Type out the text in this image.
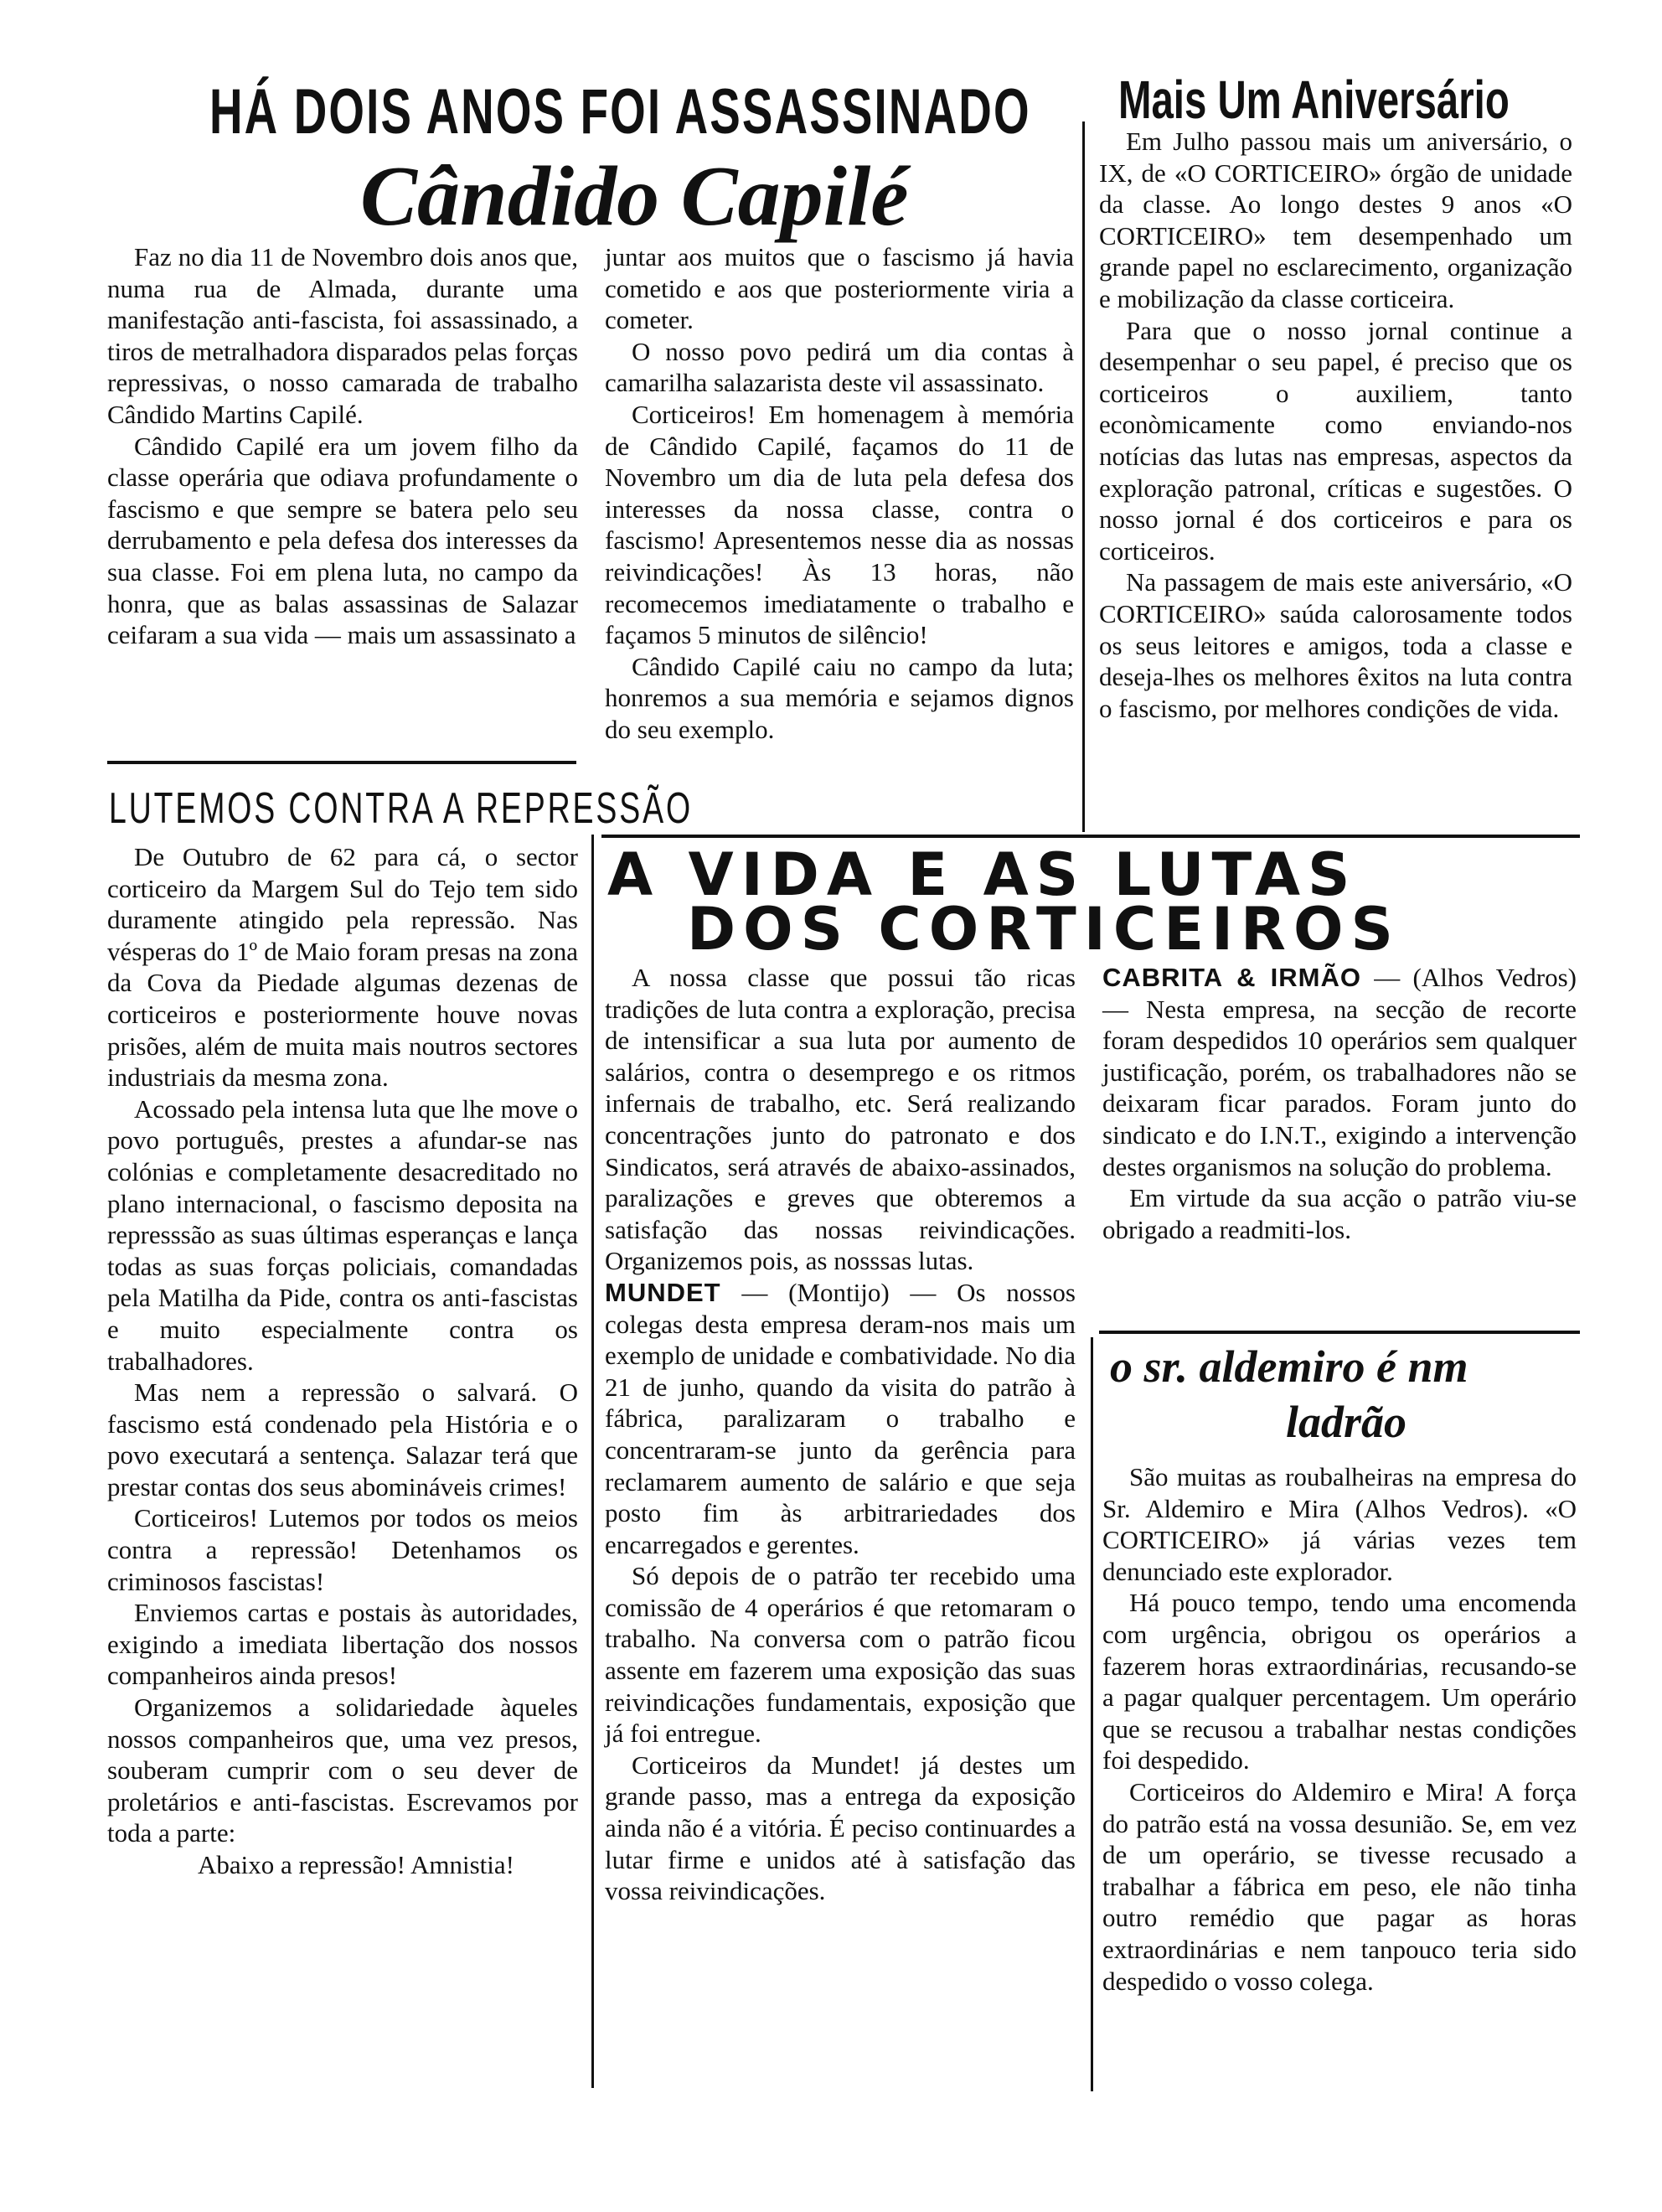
HÁ DOIS ANOS FOI ASSASSINADO
Cândido Capilé
Mais Um Aniversário

Faz no dia 11 de Novembro dois anos que, numa rua de Almada, durante uma manifestação anti-fascista, foi assassinado, a tiros de metralhadora disparados pelas forças repressivas, o nosso camarada de trabalho Cândido Martins Capilé.

Cândido Capilé era um jovem filho da classe operária que odiava profundamente o fascismo e que sempre se batera pelo seu derrubamento e pela defesa dos interesses da sua classe. Foi em plena luta, no campo da honra, que as balas assassinas de Salazar ceifaram a sua vida — mais um assassinato a

juntar aos muitos que o fascismo já havia cometido e aos que posteriormente viria a cometer.

O nosso povo pedirá um dia contas à camarilha salazarista deste vil assassinato.

Corticeiros! Em homenagem à memória de Cândido Capilé, façamos do 11 de Novembro um dia de luta pela defesa dos interesses da nossa classe, contra o fascismo! Apresentemos nesse dia as nossas reivindicações! Às 13 horas, não recomecemos imediatamente o trabalho e façamos 5 minutos de silêncio!

Cândido Capilé caiu no campo da luta; honremos a sua memória e sejamos dignos do seu exemplo.

Em Julho passou mais um aniversário, o IX, de «O CORTICEIRO» órgão de unidade da classe. Ao longo destes 9 anos «O CORTICEIRO» tem desempenhado um grande papel no esclarecimento, organização e mobilização da classe corticeira.

Para que o nosso jornal continue a desempenhar o seu papel, é preciso que os corticeiros o auxiliem, tanto econòmicamente como enviando-nos notícias das lutas nas empresas, aspectos da exploração patronal, críticas e sugestões. O nosso jornal é dos corticeiros e para os corticeiros.

Na passagem de mais este aniversário, «O CORTICEIRO» saúda calorosamente todos os seus leitores e amigos, toda a classe e deseja-lhes os melhores êxitos na luta contra o fascismo, por melhores condições de vida.

LUTEMOS CONTRA A REPRESSÃO

De Outubro de 62 para cá, o sector corticeiro da Margem Sul do Tejo tem sido duramente atingido pela repressão. Nas vésperas do 1º de Maio foram presas na zona da Cova da Piedade algumas dezenas de corticeiros e posteriormente houve novas prisões, além de muita mais noutros sectores industriais da mesma zona.

Acossado pela intensa luta que lhe move o povo português, prestes a afundar-se nas colónias e completamente desacreditado no plano internacional, o fascismo deposita na represssão as suas últimas esperanças e lança todas as suas forças policiais, comandadas pela Matilha da Pide, contra os anti-fascistas e muito especialmente contra os trabalhadores.

Mas nem a repressão o salvará. O fascismo está condenado pela História e o povo executará a sentença. Salazar terá que prestar contas dos seus abomináveis crimes!

Corticeiros! Lutemos por todos os meios contra a repressão! Detenhamos os criminosos fascistas!

Enviemos cartas e postais às autoridades, exigindo a imediata libertação dos nossos companheiros ainda presos!

Organizemos a solidariedade àqueles nossos companheiros que, uma vez presos, souberam cumprir com o seu dever de proletários e anti-fascistas. Escrevamos por toda a parte:

Abaixo a repressão! Amnistia!

A VIDA E AS LUTAS
DOS CORTICEIROS

A nossa classe que possui tão ricas tradições de luta contra a exploração, precisa de intensificar a sua luta por aumento de salários, contra o desemprego e os ritmos infernais de trabalho, etc. Será realizando concentrações junto do patronato e dos Sindicatos, será através de abaixo-assinados, paralizações e greves que obteremos a satisfação das nossas reivindicações. Organizemos pois, as nosssas lutas.

MUNDET — (Montijo) — Os nossos colegas desta empresa deram-nos mais um exemplo de unidade e combatividade. No dia 21 de junho, quando da visita do patrão à fábrica, paralizaram o trabalho e concentraram-se junto da gerência para reclamarem aumento de salário e que seja posto fim às arbitrariedades dos encarregados e gerentes.

Só depois de o patrão ter recebido uma comissão de 4 operários é que retomaram o trabalho. Na conversa com o patrão ficou assente em fazerem uma exposição das suas reivindicações fundamentais, exposição que já foi entregue.

Corticeiros da Mundet! já destes um grande passo, mas a entrega da exposição ainda não é a vitória. É peciso continuardes a lutar firme e unidos até à satisfação das vossa reivindicações.

CABRITA & IRMÃO — (Alhos Vedros) — Nesta empresa, na secção de recorte foram despedidos 10 operários sem qualquer justificação, porém, os trabalhadores não se deixaram ficar parados. Foram junto do sindicato e do I.N.T., exigindo a intervenção destes organismos na solução do problema.

Em virtude da sua acção o patrão viu-se obrigado a readmiti-los.

o sr. aldemiro é nm
ladrão

São muitas as roubalheiras na empresa do Sr. Aldemiro e Mira (Alhos Vedros). «O CORTICEIRO» já várias vezes tem denunciado este explorador.

Há pouco tempo, tendo uma encomenda com urgência, obrigou os operários a fazerem horas extraordinárias, recusando-se a pagar qualquer percentagem. Um operário que se recusou a trabalhar nestas condições foi despedido.

Corticeiros do Aldemiro e Mira! A força do patrão está na vossa desunião. Se, em vez de um operário, se tivesse recusado a trabalhar a fábrica em peso, ele não tinha outro remédio que pagar as horas extraordinárias e nem tanpouco teria sido despedido o vosso colega.
